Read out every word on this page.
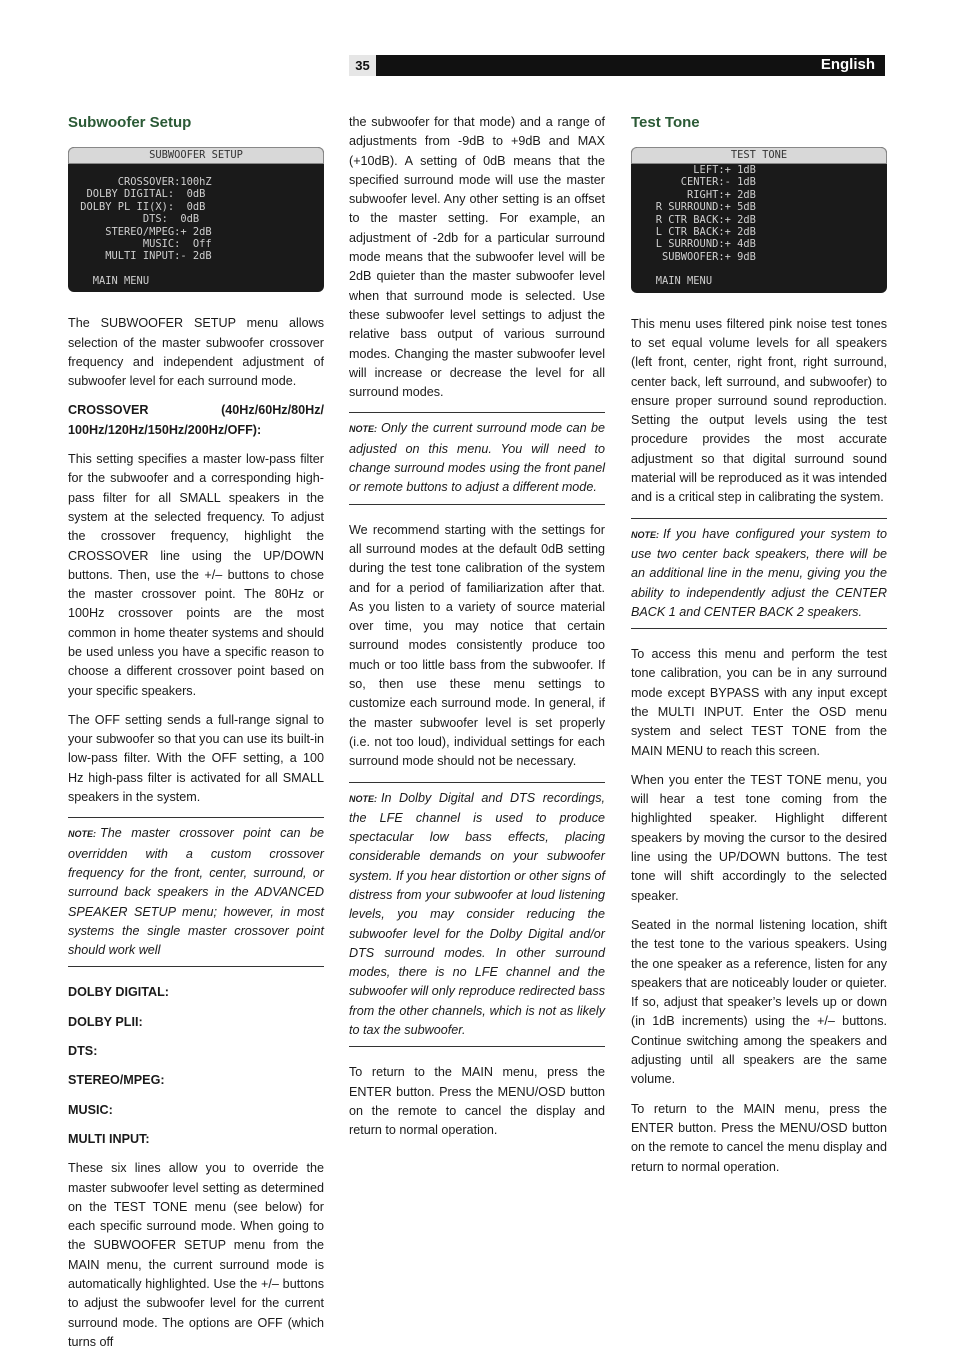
English
35
Subwoofer Setup
SUBWOOFER SETUP
CROSSOVER:100hZ
DOLBY DIGITAL:  0dB
DOLBY PL II(X):  0dB
DTS:  0dB
STEREO/MPEG:+ 2dB
MUSIC:  Off
MULTI INPUT:- 2dB
MAIN MENU

The SUBWOOFER SETUP menu allows selection of the master subwoofer crossover frequency and independent adjustment of subwoofer level for each surround mode.

CROSSOVER (40Hz/60Hz/80Hz/ 100Hz/120Hz/150Hz/200Hz/OFF):

This setting specifies a master low-pass filter for the subwoofer and a corresponding high-pass filter for all SMALL speakers in the system at the selected frequency. To adjust the crossover frequency, highlight the CROSSOVER line using the UP/DOWN buttons. Then, use the +/– buttons to chose the master crossover point. The 80Hz or 100Hz crossover points are the most common in home theater systems and should be used unless you have a specific reason to choose a different crossover point based on your specific speakers.

The OFF setting sends a full-range signal to your subwoofer so that you can use its built-in low-pass filter. With the OFF setting, a 100 Hz high-pass filter is activated for all SMALL speakers in the system.

NOTE: The master crossover point can be overridden with a custom crossover frequency for the front, center, surround, or surround back speakers in the ADVANCED SPEAKER SETUP menu; however, in most systems the single master crossover point should work well

DOLBY DIGITAL:

DOLBY PLII:

DTS:

STEREO/MPEG:

MUSIC:

MULTI INPUT:

These six lines allow you to override the master subwoofer level setting as determined on the TEST TONE menu (see below) for each specific surround mode. When going to the SUBWOOFER SETUP menu from the MAIN menu, the current surround mode is automatically highlighted. Use the +/– buttons to adjust the subwoofer level for the current surround mode. The options are OFF (which turns off

the subwoofer for that mode) and a range of adjustments from -9dB to +9dB and MAX (+10dB). A setting of 0dB means that the specified surround mode will use the master subwoofer level. Any other setting is an offset to the master setting. For example, an adjustment of -2db for a particular surround mode means that the subwoofer level will be 2dB quieter than the master subwoofer level when that surround mode is selected. Use these subwoofer level settings to adjust the relative bass output of various surround modes. Changing the master subwoofer level will increase or decrease the level for all surround modes.

NOTE: Only the current surround mode can be adjusted on this menu. You will need to change surround modes using the front panel or remote buttons to adjust a different mode.

We recommend starting with the settings for all surround modes at the default 0dB setting during the test tone calibration of the system and for a period of familiarization after that. As you listen to a variety of source material over time, you may notice that certain surround modes consistently produce too much or too little bass from the subwoofer. If so, then use these menu settings to customize each surround mode. In general, if the master subwoofer level is set properly (i.e. not too loud), individual settings for each surround mode should not be necessary.

NOTE: In Dolby Digital and DTS recordings, the LFE channel is used to produce spectacular low bass effects, placing considerable demands on your subwoofer system. If you hear distortion or other signs of distress from your subwoofer at loud listening levels, you may consider reducing the subwoofer level for the Dolby Digital and/or DTS surround modes. In other surround modes, there is no LFE channel and the subwoofer will only reproduce redirected bass from the other channels, which is not as likely to tax the subwoofer.

To return to the MAIN menu, press the ENTER button. Press the MENU/OSD button on the remote to cancel the display and return to normal operation.

Test Tone
TEST TONE
LEFT:+ 1dB
CENTER:- 1dB
RIGHT:+ 2dB
R SURROUND:+ 5dB
R CTR BACK:+ 2dB
L CTR BACK:+ 2dB
L SURROUND:+ 4dB
SUBWOOFER:+ 9dB
MAIN MENU

This menu uses filtered pink noise test tones to set equal volume levels for all speakers (left front, center, right front, right surround, center back, left surround, and subwoofer) to ensure proper surround sound reproduction. Setting the output levels using the test procedure provides the most accurate adjustment so that digital surround sound material will be reproduced as it was intended and is a critical step in calibrating the system.

NOTE: If you have configured your system to use two center back speakers, there will be an additional line in the menu, giving you the ability to independently adjust the CENTER BACK 1 and CENTER BACK 2 speakers.

To access this menu and perform the test tone calibration, you can be in any surround mode except BYPASS with any input except the MULTI INPUT. Enter the OSD menu system and select TEST TONE from the MAIN MENU to reach this screen.

When you enter the TEST TONE menu, you will hear a test tone coming from the highlighted speaker. Highlight different speakers by moving the cursor to the desired line using the UP/DOWN buttons. The test tone will shift accordingly to the selected speaker.

Seated in the normal listening location, shift the test tone to the various speakers. Using the one speaker as a reference, listen for any speakers that are noticeably louder or quieter. If so, adjust that speaker’s levels up or down (in 1dB increments) using the +/– buttons. Continue switching among the speakers and adjusting until all speakers are the same volume.

To return to the MAIN menu, press the ENTER button. Press the MENU/OSD button on the remote to cancel the menu display and return to normal operation.
